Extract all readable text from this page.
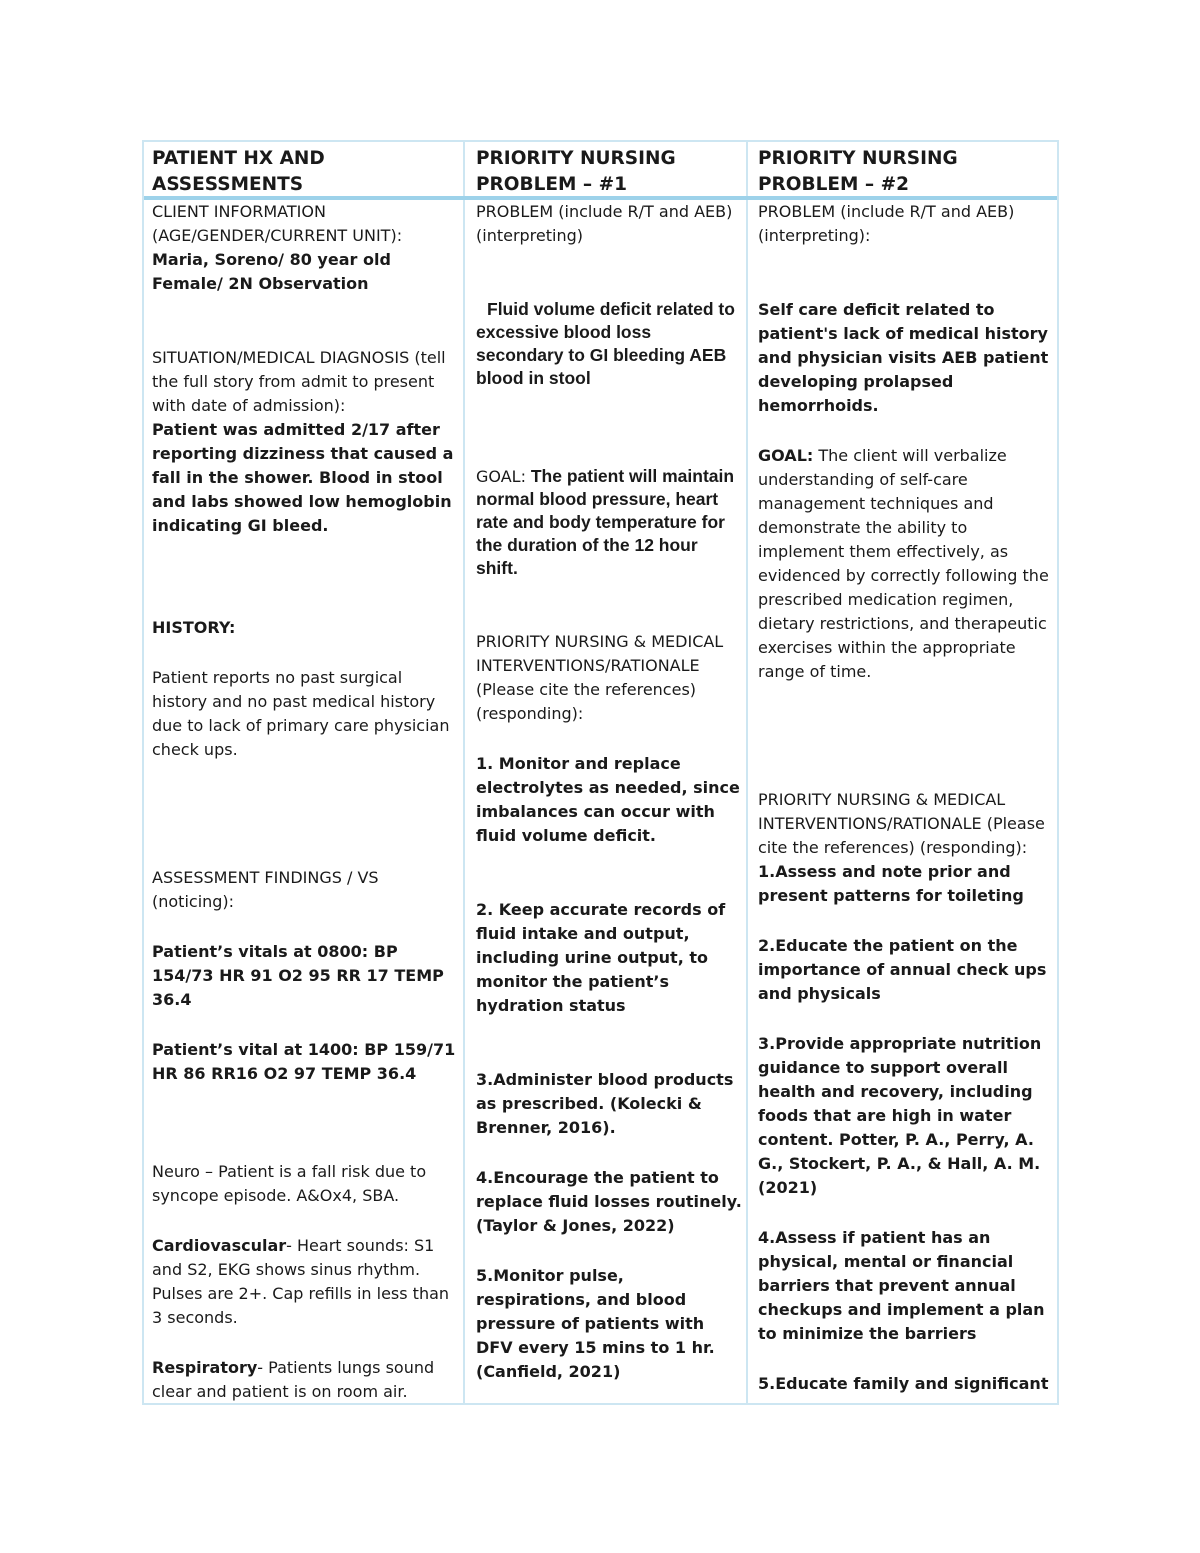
PATIENT HX AND ASSESSMENTS
PRIORITY NURSING PROBLEM – #1
PRIORITY NURSING PROBLEM – #2

CLIENT INFORMATION (AGE/GENDER/CURRENT UNIT):

Maria, Soreno/ 80 year old Female/ 2N Observation

SITUATION/MEDICAL DIAGNOSIS (tell the full story from admit to present with date of admission):

Patient was admitted 2/17 after reporting dizziness that caused a fall in the shower. Blood in stool and labs showed low hemoglobin indicating GI bleed.

HISTORY:

Patient reports no past surgical history and no past medical history due to lack of primary care physician check ups.

ASSESSMENT FINDINGS / VS (noticing):

Patient’s vitals at 0800: BP 154/73 HR 91 O2 95 RR 17 TEMP 36.4

Patient’s vital at 1400: BP 159/71 HR 86 RR16 O2 97 TEMP 36.4

Neuro – Patient is a fall risk due to syncope episode. A&Ox4, SBA.

Cardiovascular- Heart sounds: S1 and S2, EKG shows sinus rhythm. Pulses are 2+. Cap refills in less than 3 seconds.

Respiratory- Patients lungs sound clear and patient is on room air.

PROBLEM (include R/T and AEB) (interpreting)

Fluid volume deficit related to excessive blood loss secondary to GI bleeding AEB blood in stool

GOAL: The patient will maintain normal blood pressure, heart rate and body temperature for the duration of the 12 hour shift.

PRIORITY NURSING & MEDICAL INTERVENTIONS/RATIONALE (Please cite the references) (responding):

1. Monitor and replace electrolytes as needed, since imbalances can occur with fluid volume deficit.

2. Keep accurate records of fluid intake and output, including urine output, to monitor the patient’s hydration status

3.Administer blood products as prescribed. (Kolecki & Brenner, 2016).

4.Encourage the patient to replace fluid losses routinely. (Taylor & Jones, 2022)

5.Monitor pulse, respirations, and blood pressure of patients with DFV every 15 mins to 1 hr. (Canfield, 2021)

PROBLEM (include R/T and AEB) (interpreting):

Self care deficit related to patient's lack of medical history and physician visits AEB patient developing prolapsed hemorrhoids.

GOAL: The client will verbalize understanding of self-care management techniques and demonstrate the ability to implement them effectively, as evidenced by correctly following the prescribed medication regimen, dietary restrictions, and therapeutic exercises within the appropriate range of time.

PRIORITY NURSING & MEDICAL INTERVENTIONS/RATIONALE (Please cite the references) (responding):

1.Assess and note prior and present patterns for toileting

2.Educate the patient on the importance of annual check ups and physicals

3.Provide appropriate nutrition guidance to support overall health and recovery, including foods that are high in water content. Potter, P. A., Perry, A. G., Stockert, P. A., & Hall, A. M. (2021)

4.Assess if patient has an physical, mental or financial barriers that prevent annual checkups and implement a plan to minimize the barriers

5.Educate family and significant
